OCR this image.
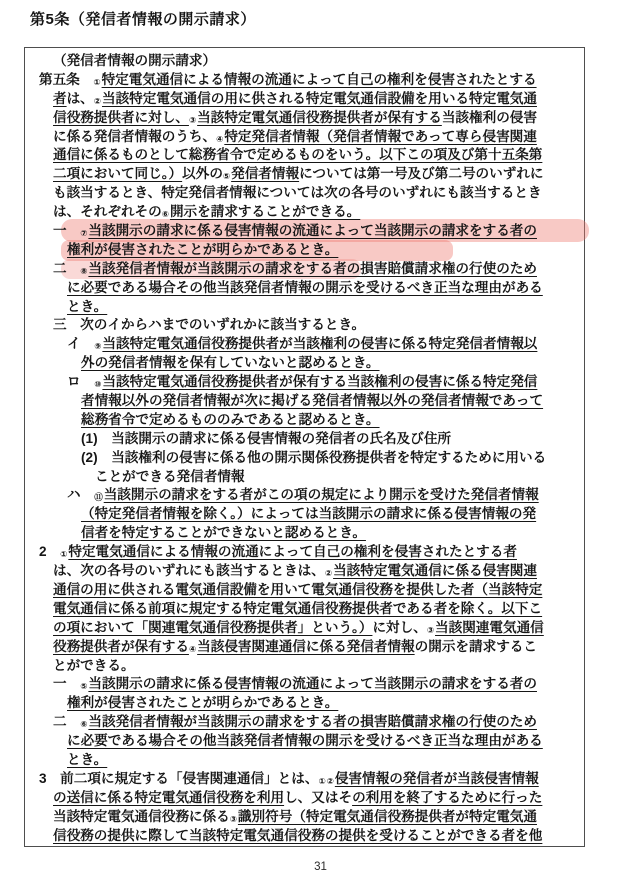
第5条（発信者情報の開示請求）
（発信者情報の開示請求）
第五条　①特定電気通信による情報の流通によって自己の権利を侵害されたとする
者は、②当該特定電気通信の用に供される特定電気通信設備を用いる特定電気通
信役務提供者に対し、③当該特定電気通信役務提供者が保有する当該権利の侵害
に係る発信者情報のうち、④特定発信者情報（発信者情報であって専ら侵害関連
通信に係るものとして総務省令で定めるものをいう。以下この項及び第十五条第
二項において同じ。）以外の⑤発信者情報については第一号及び第二号のいずれに
も該当するとき、特定発信者情報については次の各号のいずれにも該当するとき
は、それぞれその⑥開示を請求することができる。
一　⑦当該開示の請求に係る侵害情報の流通によって当該開示の請求をする者の
権利が侵害されたことが明らかであるとき。
二　⑧当該発信者情報が当該開示の請求をする者の損害賠償請求権の行使のため
に必要である場合その他当該発信者情報の開示を受けるべき正当な理由がある
とき。
三　次のイからハまでのいずれかに該当するとき。
イ　⑨当該特定電気通信役務提供者が当該権利の侵害に係る特定発信者情報以
外の発信者情報を保有していないと認めるとき。
ロ　⑩当該特定電気通信役務提供者が保有する当該権利の侵害に係る特定発信
者情報以外の発信者情報が次に掲げる発信者情報以外の発信者情報であって
総務省令で定めるもののみであると認めるとき。
(1)　当該開示の請求に係る侵害情報の発信者の氏名及び住所
(2)　当該権利の侵害に係る他の開示関係役務提供者を特定するために用いる
ことができる発信者情報
ハ　⑪当該開示の請求をする者がこの項の規定により開示を受けた発信者情報
（特定発信者情報を除く。）によっては当該開示の請求に係る侵害情報の発
信者を特定することができないと認めるとき。
2　①特定電気通信による情報の流通によって自己の権利を侵害されたとする者
は、次の各号のいずれにも該当するときは、②当該特定電気通信に係る侵害関連
通信の用に供される電気通信設備を用いて電気通信役務を提供した者（当該特定
電気通信に係る前項に規定する特定電気通信役務提供者である者を除く。以下こ
の項において「関連電気通信役務提供者」という。）に対し、③当該関連電気通信
役務提供者が保有する④当該侵害関連通信に係る発信者情報の開示を請求するこ
とができる。
一　⑤当該開示の請求に係る侵害情報の流通によって当該開示の請求をする者の
権利が侵害されたことが明らかであるとき。
二　⑥当該発信者情報が当該開示の請求をする者の損害賠償請求権の行使のため
に必要である場合その他当該発信者情報の開示を受けるべき正当な理由がある
とき。
3　前二項に規定する「侵害関連通信」とは、①②侵害情報の発信者が当該侵害情報
の送信に係る特定電気通信役務を利用し、又はその利用を終了するために行った
当該特定電気通信役務に係る③識別符号（特定電気通信役務提供者が特定電気通
信役務の提供に際して当該特定電気通信役務の提供を受けることができる者を他
31
